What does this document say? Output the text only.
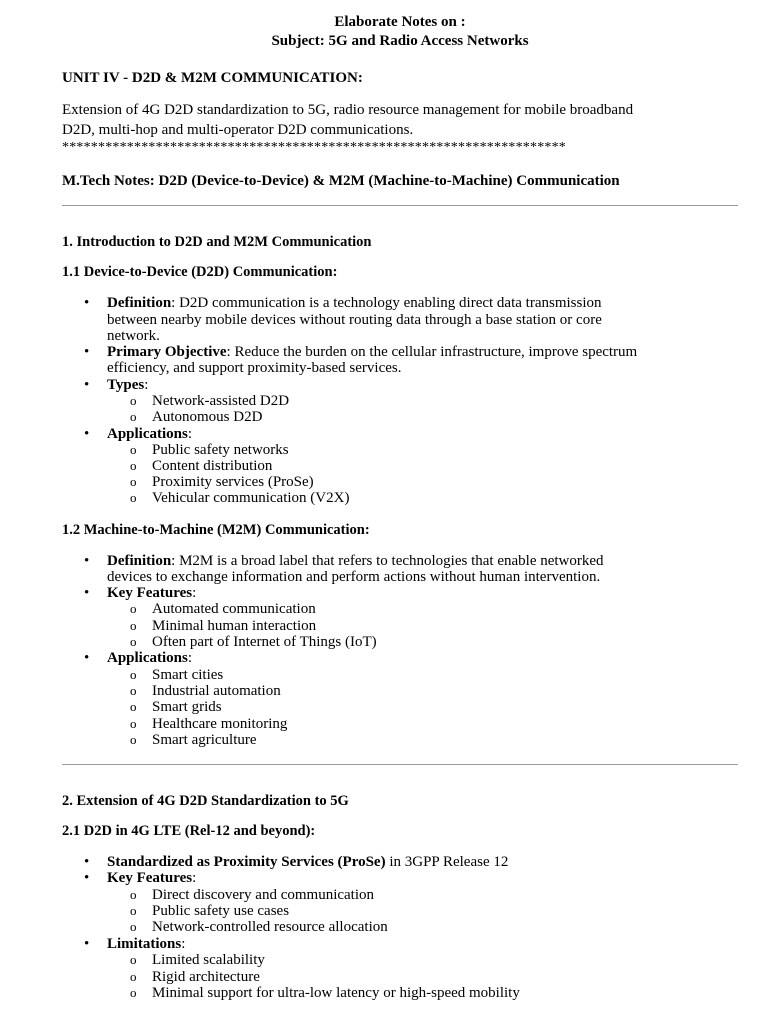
Elaborate Notes on :
Subject: 5G and Radio Access Networks
UNIT IV - D2D & M2M COMMUNICATION:
Extension of 4G D2D standardization to 5G, radio resource management for mobile broadband
D2D, multi-hop and multi-operator D2D communications.
**********************************************************************
M.Tech Notes: D2D (Device-to-Device) & M2M (Machine-to-Machine) Communication
1. Introduction to D2D and M2M Communication
1.1 Device-to-Device (D2D) Communication:
• Definition: D2D communication is a technology enabling direct data transmission
between nearby mobile devices without routing data through a base station or core
network.
• Primary Objective: Reduce the burden on the cellular infrastructure, improve spectrum
efficiency, and support proximity-based services.
• Types:
o Network-assisted D2D
o Autonomous D2D
• Applications:
o Public safety networks
o Content distribution
o Proximity services (ProSe)
o Vehicular communication (V2X)
1.2 Machine-to-Machine (M2M) Communication:
• Definition: M2M is a broad label that refers to technologies that enable networked
devices to exchange information and perform actions without human intervention.
• Key Features:
o Automated communication
o Minimal human interaction
o Often part of Internet of Things (IoT)
• Applications:
o Smart cities
o Industrial automation
o Smart grids
o Healthcare monitoring
o Smart agriculture
2. Extension of 4G D2D Standardization to 5G
2.1 D2D in 4G LTE (Rel-12 and beyond):
• Standardized as Proximity Services (ProSe) in 3GPP Release 12
• Key Features:
o Direct discovery and communication
o Public safety use cases
o Network-controlled resource allocation
• Limitations:
o Limited scalability
o Rigid architecture
o Minimal support for ultra-low latency or high-speed mobility
